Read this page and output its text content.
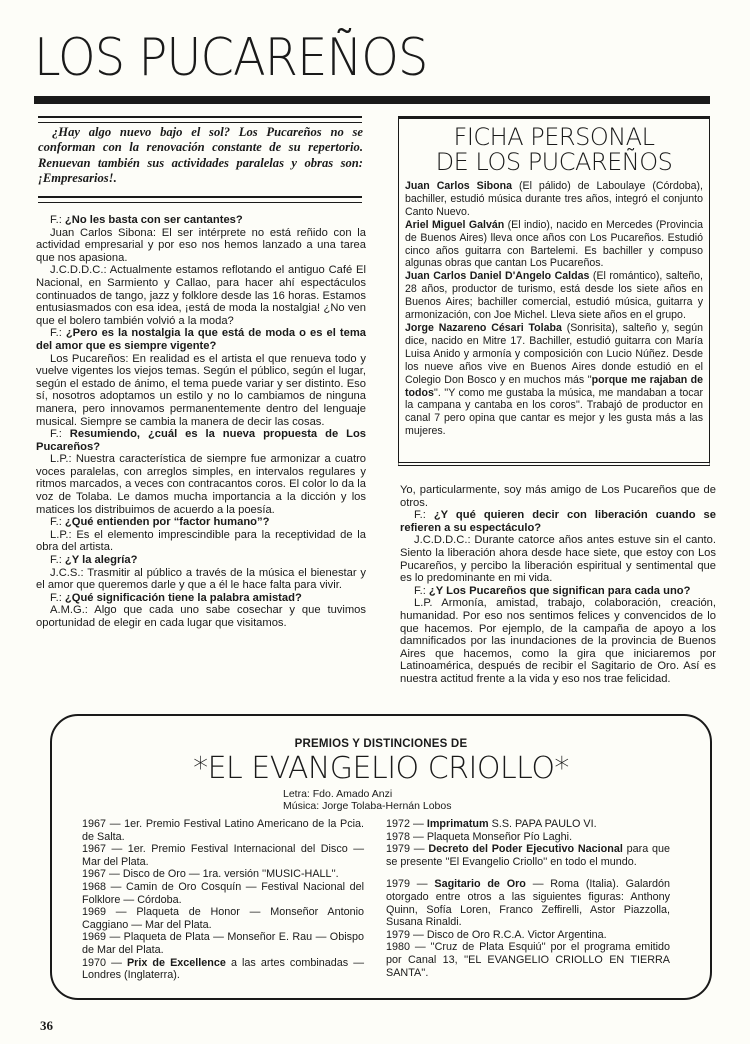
LOS PUCAREÑOS
¿Hay algo nuevo bajo el sol? Los Pucareños no se conforman con la renovación constante de su repertorio. Renuevan también sus actividades paralelas y obras son: ¡Empresarios!.

F.: ¿No les basta con ser cantantes?

Juan Carlos Sibona: El ser intérprete no está reñido con la actividad empresarial y por eso nos hemos lanzado a una tarea que nos apasiona.

J.C.D.D.C.: Actualmente estamos reflotando el antiguo Café El Nacional, en Sarmiento y Callao, para hacer ahí espectáculos continuados de tango, jazz y folklore desde las 16 horas. Estamos entusiasmados con esa idea, ¡está de moda la nostalgia! ¿No ven que el bolero también volvió a la moda?

F.: ¿Pero es la nostalgia la que está de moda o es el tema del amor que es siempre vigente?

Los Pucareños: En realidad es el artista el que renueva todo y vuelve vigentes los viejos temas. Según el público, según el lugar, según el estado de ánimo, el tema puede variar y ser distinto. Eso sí, nosotros adoptamos un estilo y no lo cambiamos de ninguna manera, pero innovamos permanentemente dentro del lenguaje musical. Siempre se cambia la manera de decir las cosas.

F.: Resumiendo, ¿cuál es la nueva propuesta de Los Pucareños?

L.P.: Nuestra característica de siempre fue armonizar a cuatro voces paralelas, con arreglos simples, en intervalos regulares y ritmos marcados, a veces con contracantos coros. El color lo da la voz de Tolaba. Le damos mucha importancia a la dicción y los matices los distribuimos de acuerdo a la poesía.

F.: ¿Qué entienden por “factor humano”?

L.P.: Es el elemento imprescindible para la receptividad de la obra del artista.

F.: ¿Y la alegría?

J.C.S.: Trasmitir al público a través de la música el bienestar y el amor que queremos darle y que a él le hace falta para vivir.

F.: ¿Qué significación tiene la palabra amistad?

A.M.G.: Algo que cada uno sabe cosechar y que tuvimos oportunidad de elegir en cada lugar que visitamos.

FICHA PERSONAL
DE LOS PUCAREÑOS

Juan Carlos Sibona (El pálido) de Laboulaye (Córdoba), bachiller, estudió música durante tres años, integró el conjunto Canto Nuevo.

Ariel Miguel Galván (El indio), nacido en Mercedes (Provincia de Buenos Aires) lleva once años con Los Pucareños. Estudió cinco años guitarra con Bartelemi. Es bachiller y compuso algunas obras que cantan Los Pucareños.

Juan Carlos Daniel D'Angelo Caldas (El romántico), salteño, 28 años, productor de turismo, está desde los siete años en Buenos Aires; bachiller comercial, estudió música, guitarra y armonización, con Joe Michel. Lleva siete años en el grupo.

Jorge Nazareno Césari Tolaba (Sonrisita), salteño y, según dice, nacido en Mitre 17. Bachiller, estudió guitarra con María Luisa Anido y armonía y composición con Lucio Núñez. Desde los nueve años vive en Buenos Aires donde estudió en el Colegio Don Bosco y en muchos más ''porque me rajaban de todos''. ''Y como me gustaba la música, me mandaban a tocar la campana y cantaba en los coros''. Trabajó de productor en canal 7 pero opina que cantar es mejor y les gusta más a las mujeres.

Yo, particularmente, soy más amigo de Los Pucareños que de otros.

F.: ¿Y qué quieren decir con liberación cuando se refieren a su espectáculo?

J.C.D.D.C.: Durante catorce años antes estuve sin el canto. Siento la liberación ahora desde hace siete, que estoy con Los Pucareños, y percibo la liberación espiritual y sentimental que es lo predominante en mi vida.

F.: ¿Y Los Pucareños que significan para cada uno?

L.P. Armonía, amistad, trabajo, colaboración, creación, humanidad. Por eso nos sentimos felices y convencidos de lo que hacemos. Por ejemplo, de la campaña de apoyo a los damnificados por las inundaciones de la provincia de Buenos Aires que hacemos, como la gira que iniciaremos por Latinoamérica, después de recibir el Sagitario de Oro. Así es nuestra actitud frente a la vida y eso nos trae felicidad.

PREMIOS Y DISTINCIONES DE
*EL EVANGELIO CRIOLLO*
Letra: Fdo. Amado Anzi
Música: Jorge Tolaba-Hernán Lobos

1967 — 1er. Premio Festival Latino Americano de la Pcia. de Salta.

1967 — 1er. Premio Festival Internacional del Disco — Mar del Plata.

1967 — Disco de Oro — 1ra. versión ''MUSIC-HALL''.

1968 — Camin de Oro Cosquín — Festival Nacional del Folklore — Córdoba.

1969 — Plaqueta de Honor — Monseñor Antonio Caggiano — Mar del Plata.

1969 — Plaqueta de Plata — Monseñor E. Rau — Obispo de Mar del Plata.

1970 — Prix de Excellence a las artes combinadas — Londres (Inglaterra).

1972 — Imprimatum S.S. PAPA PAULO VI.

1978 — Plaqueta Monseñor Pío Laghi.

1979 — Decreto del Poder Ejecutivo Nacional para que se presente ''El Evangelio Criollo'' en todo el mundo.

1979 — Sagitario de Oro — Roma (Italia). Galardón otorgado entre otros a las siguientes figuras: Anthony Quinn, Sofía Loren, Franco Zeffirelli, Astor Piazzolla, Susana Rinaldi.

1979 — Disco de Oro R.C.A. Victor Argentina.

1980 — ''Cruz de Plata Esquiú'' por el programa emitido por Canal 13, ''EL EVANGELIO CRIOLLO EN TIERRA SANTA''.

36
